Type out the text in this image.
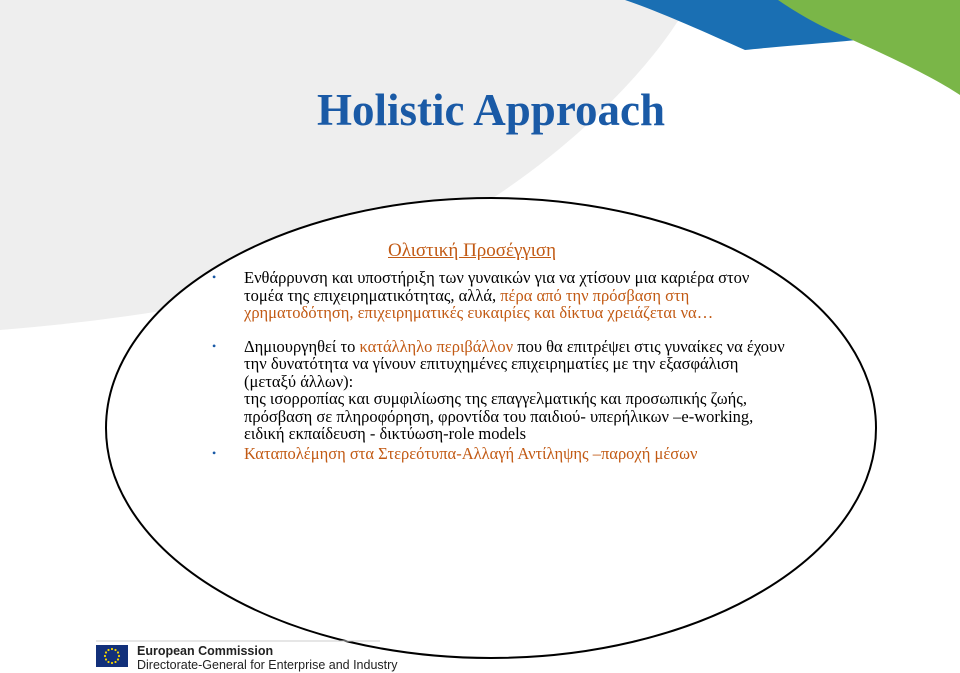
Holistic Approach
Ολιστική Προσέγγιση
• Ενθάρρυνση και υποστήριξη των γυναικών για να χτίσουν μια καριέρα στον τομέα της επιχειρηματικότητας, αλλά, πέρα από την πρόσβαση στη χρηματοδότηση, επιχειρηματικές ευκαιρίες και δίκτυα χρειάζεται να…
• Δημιουργηθεί το κατάλληλο περιβάλλον που θα επιτρέψει στις γυναίκες να έχουν την δυνατότητα να γίνουν επιτυχημένες επιχειρηματίες με την εξασφάλιση (μεταξύ άλλων):
της ισορροπίας και συμφιλίωσης της επαγγελματικής και προσωπικής ζωής,
πρόσβαση σε πληροφόρηση, φροντίδα του παιδιού- υπερήλικων –e-working, ειδική εκπαίδευση - δικτύωση-role models
• Καταπολέμηση στα Στερεότυπα-Αλλαγή Αντίληψης –παροχή μέσων
European Commission
Directorate-General for Enterprise and Industry
